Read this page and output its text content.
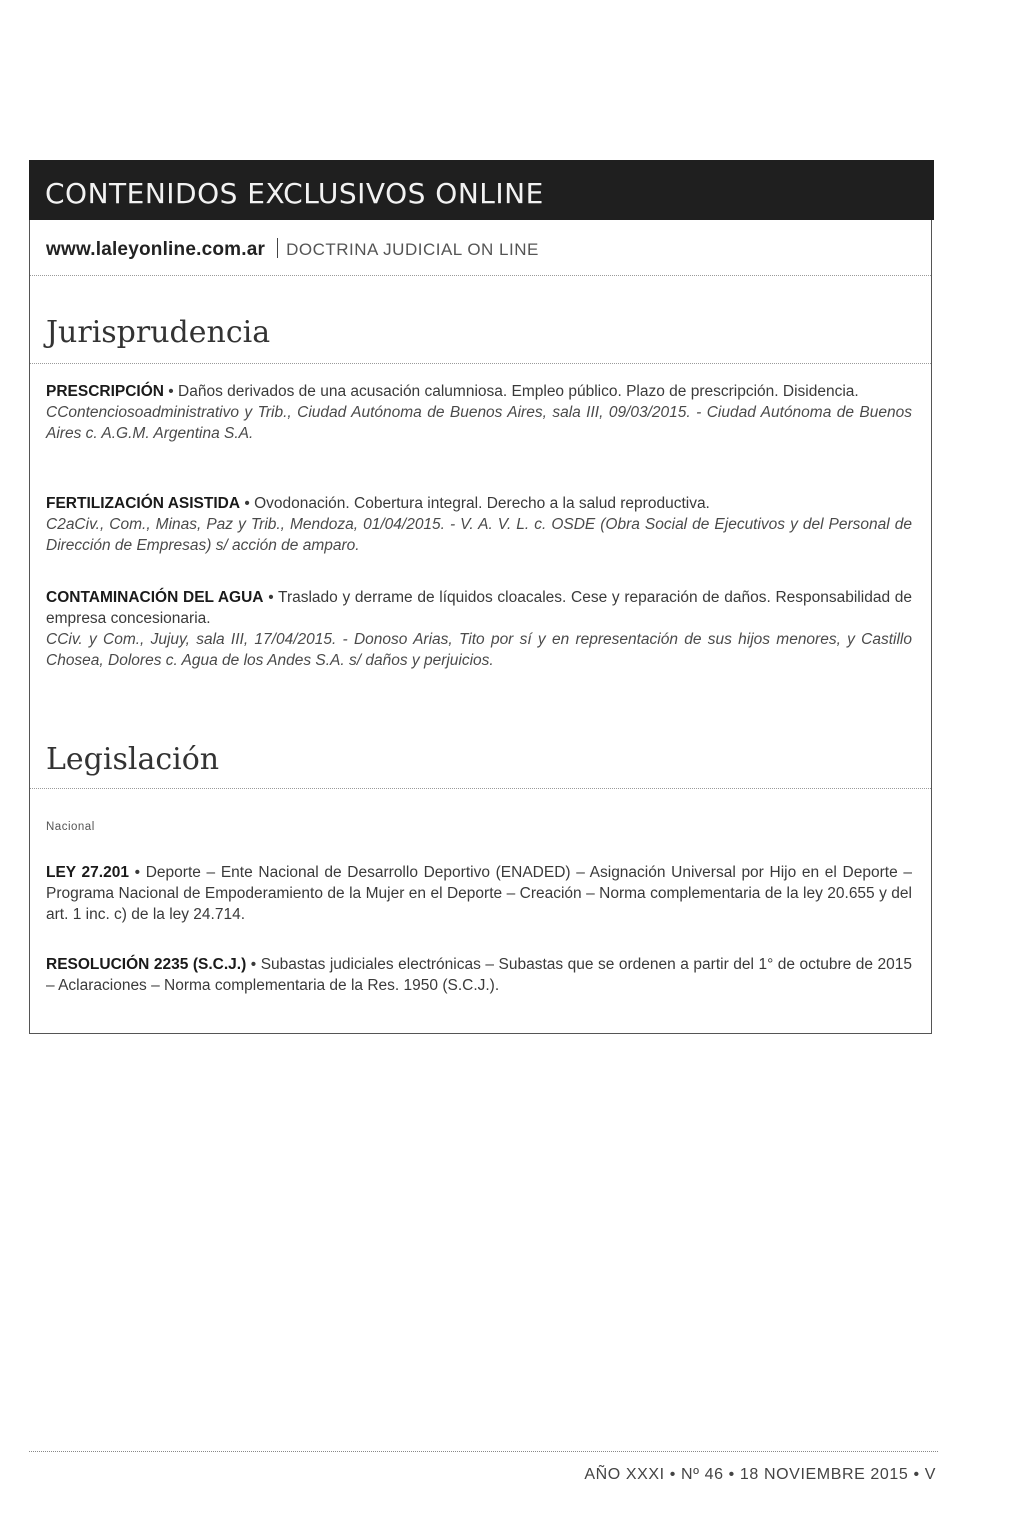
CONTENIDOS EXCLUSIVOS ONLINE
www.laleyonline.com.ar DOCTRINA JUDICIAL ON LINE
Jurisprudencia
PRESCRIPCIÓN • Daños derivados de una acusación calumniosa. Empleo público. Plazo de prescripción. Disidencia.
CContenciosoadministrativo y Trib., Ciudad Autónoma de Buenos Aires, sala III, 09/03/2015. - Ciudad Autónoma de Buenos Aires c. A.G.M. Argentina S.A.
FERTILIZACIÓN ASISTIDA • Ovodonación. Cobertura integral. Derecho a la salud reproductiva.
C2aCiv., Com., Minas, Paz y Trib., Mendoza, 01/04/2015. - V. A. V. L. c. OSDE (Obra Social de Ejecutivos y del Personal de Dirección de Empresas) s/ acción de amparo.
CONTAMINACIÓN DEL AGUA • Traslado y derrame de líquidos cloacales. Cese y reparación de daños. Responsabilidad de empresa concesionaria.
CCiv. y Com., Jujuy, sala III, 17/04/2015. - Donoso Arias, Tito por sí y en representación de sus hijos menores, y Castillo Chosea, Dolores c. Agua de los Andes S.A. s/ daños y perjuicios.
Legislación
Nacional
LEY 27.201 • Deporte – Ente Nacional de Desarrollo Deportivo (ENADED) – Asignación Universal por Hijo en el Deporte – Programa Nacional de Empoderamiento de la Mujer en el Deporte – Creación – Norma complementaria de la ley 20.655 y del art. 1 inc. c) de la ley 24.714.
RESOLUCIÓN 2235 (S.C.J.) • Subastas judiciales electrónicas – Subastas que se ordenen a partir del 1° de octubre de 2015 – Aclaraciones – Norma complementaria de la Res. 1950 (S.C.J.).
AÑO XXXI • Nº 46 • 18 NOVIEMBRE 2015 • V
